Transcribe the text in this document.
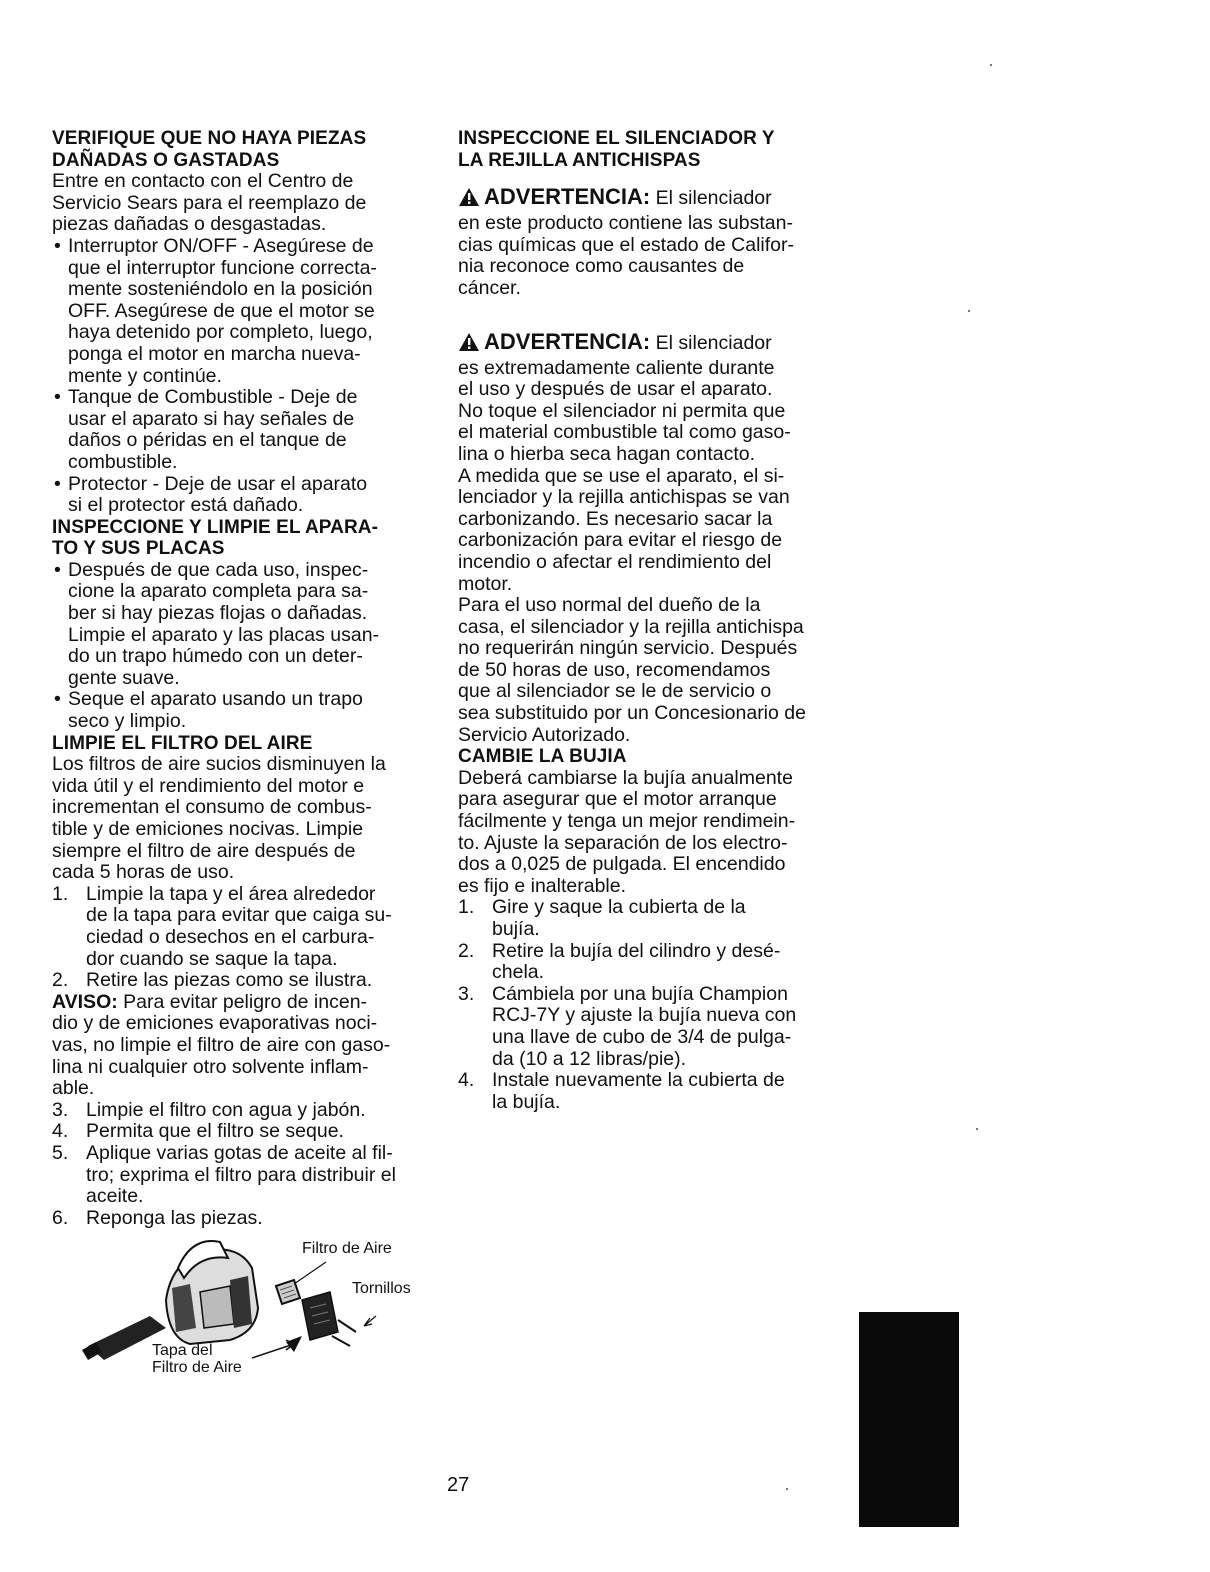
VERIFIQUE QUE NO HAYA PIEZAS
DAÑADAS O GASTADAS

Entre en contacto con el Centro de
Servicio Sears para el reemplazo de
piezas dañadas o desgastadas.

• Interruptor ON/OFF - Asegúrese de
que el interruptor funcione correcta-
mente sosteniéndolo en la posición
OFF. Asegúrese de que el motor se
haya detenido por completo, luego,
ponga el motor en marcha nueva-
mente y continúe.
• Tanque de Combustible - Deje de
usar el aparato si hay señales de
daños o péridas en el tanque de
combustible.
• Protector - Deje de usar el aparato
si el protector está dañado.
INSPECCIONE Y LIMPIE EL APARA-
TO Y SUS PLACAS
• Después de que cada uso, inspec-
cione la aparato completa para sa-
ber si hay piezas flojas o dañadas.
Limpie el aparato y las placas usan-
do un trapo húmedo con un deter-
gente suave.
• Seque el aparato usando un trapo
seco y limpio.
LIMPIE EL FILTRO DEL AIRE

Los filtros de aire sucios disminuyen la
vida útil y el rendimiento del motor e
incrementan el consumo de combus-
tible y de emiciones nocivas. Limpie
siempre el filtro de aire después de
cada 5 horas de uso.

1. Limpie la tapa y el área alrededor
de la tapa para evitar que caiga su-
ciedad o desechos en el carbura-
dor cuando se saque la tapa.
2. Retire las piezas como se ilustra.

AVISO: Para evitar peligro de incen-
dio y de emiciones evaporativas noci-
vas, no limpie el filtro de aire con gaso-
lina ni cualquier otro solvente inflam-
able.

3. Limpie el filtro con agua y jabón.
4. Permita que el filtro se seque.
5. Aplique varias gotas de aceite al fil-
tro; exprima el filtro para distribuir el
aceite.
6. Reponga las piezas.
Filtro de Aire
Tornillos
Tapa del
Filtro de Aire
INSPECCIONE EL SILENCIADOR Y
LA REJILLA ANTICHISPAS

ADVERTENCIA: El silenciador

en este producto contiene las substan-
cias químicas que el estado de Califor-
nia reconoce como causantes de
cáncer.

ADVERTENCIA: El silenciador

es extremadamente caliente durante
el uso y después de usar el aparato.
No toque el silenciador ni permita que
el material combustible tal como gaso-
lina o hierba seca hagan contacto.

A medida que se use el aparato, el si-
lenciador y la rejilla antichispas se van
carbonizando. Es necesario sacar la
carbonización para evitar el riesgo de
incendio o afectar el rendimiento del
motor.

Para el uso normal del dueño de la
casa, el silenciador y la rejilla antichispa
no requerirán ningún servicio. Después
de 50 horas de uso, recomendamos
que al silenciador se le de servicio o
sea substituido por un Concesionario de
Servicio Autorizado.

CAMBIE LA BUJIA

Deberá cambiarse la bujía anualmente
para asegurar que el motor arranque
fácilmente y tenga un mejor rendimein-
to. Ajuste la separación de los electro-
dos a 0,025 de pulgada. El encendido
es fijo e inalterable.

1. Gire y saque la cubierta de la
bujía.
2. Retire la bujía del cilindro y desé-
chela.
3. Cámbiela por una bujía Champion
RCJ-7Y y ajuste la bujía nueva con
una llave de cubo de 3/4 de pulga-
da (10 a 12 libras/pie).
4. Instale nuevamente la cubierta de
la bujía.
27
